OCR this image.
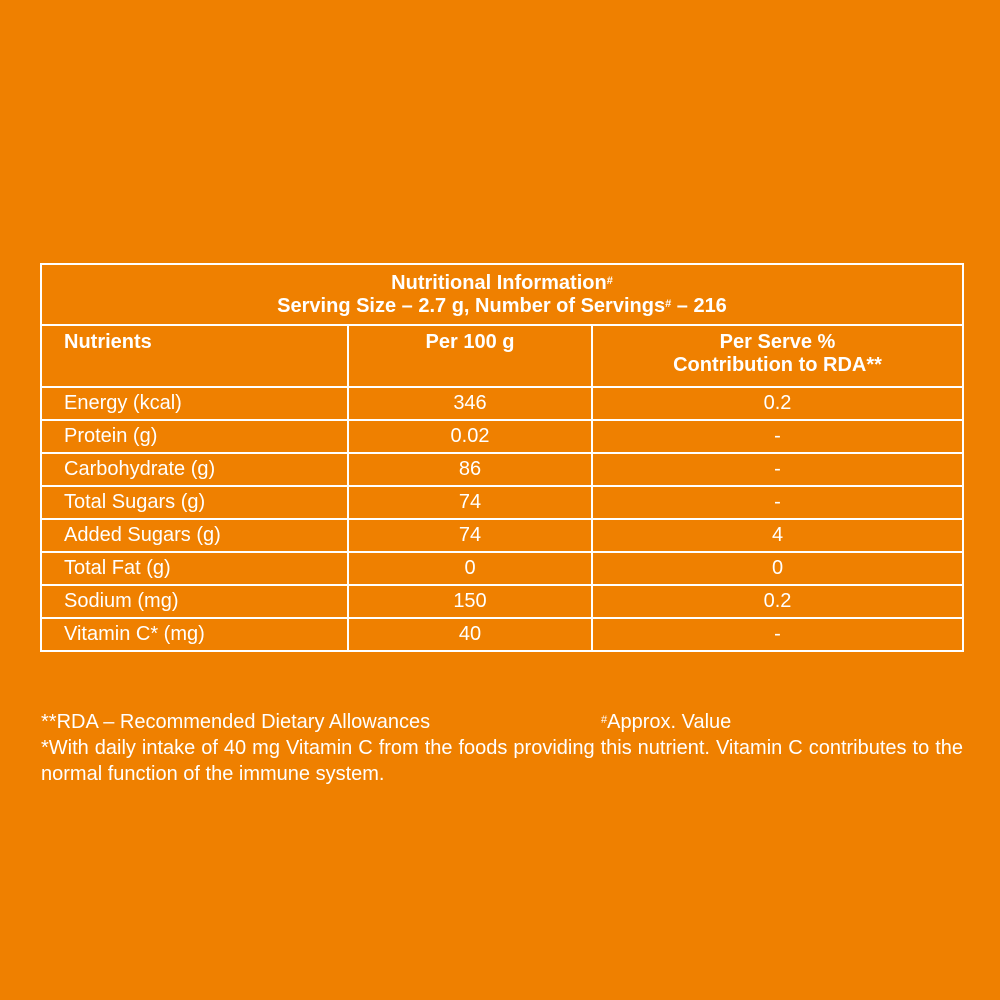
Nutritional Information#
Serving Size – 2.7 g, Number of Servings# – 216		

Nutrients	Per 100 g	Per Serve %
Contribution to RDA**

Energy (kcal)	346	0.2
Protein (g)	0.02	-
Carbohydrate (g)	86	-
Total Sugars (g)	74	-
Added Sugars (g)	74	4
Total Fat (g)	0	0
Sodium (mg)	150	0.2
Vitamin C* (mg)	40	-
**RDA – Recommended Dietary Allowances	#Approx. Value
*With daily intake of 40 mg Vitamin C from the foods providing this nutrient. Vitamin C contributes to the normal function of the immune system.
